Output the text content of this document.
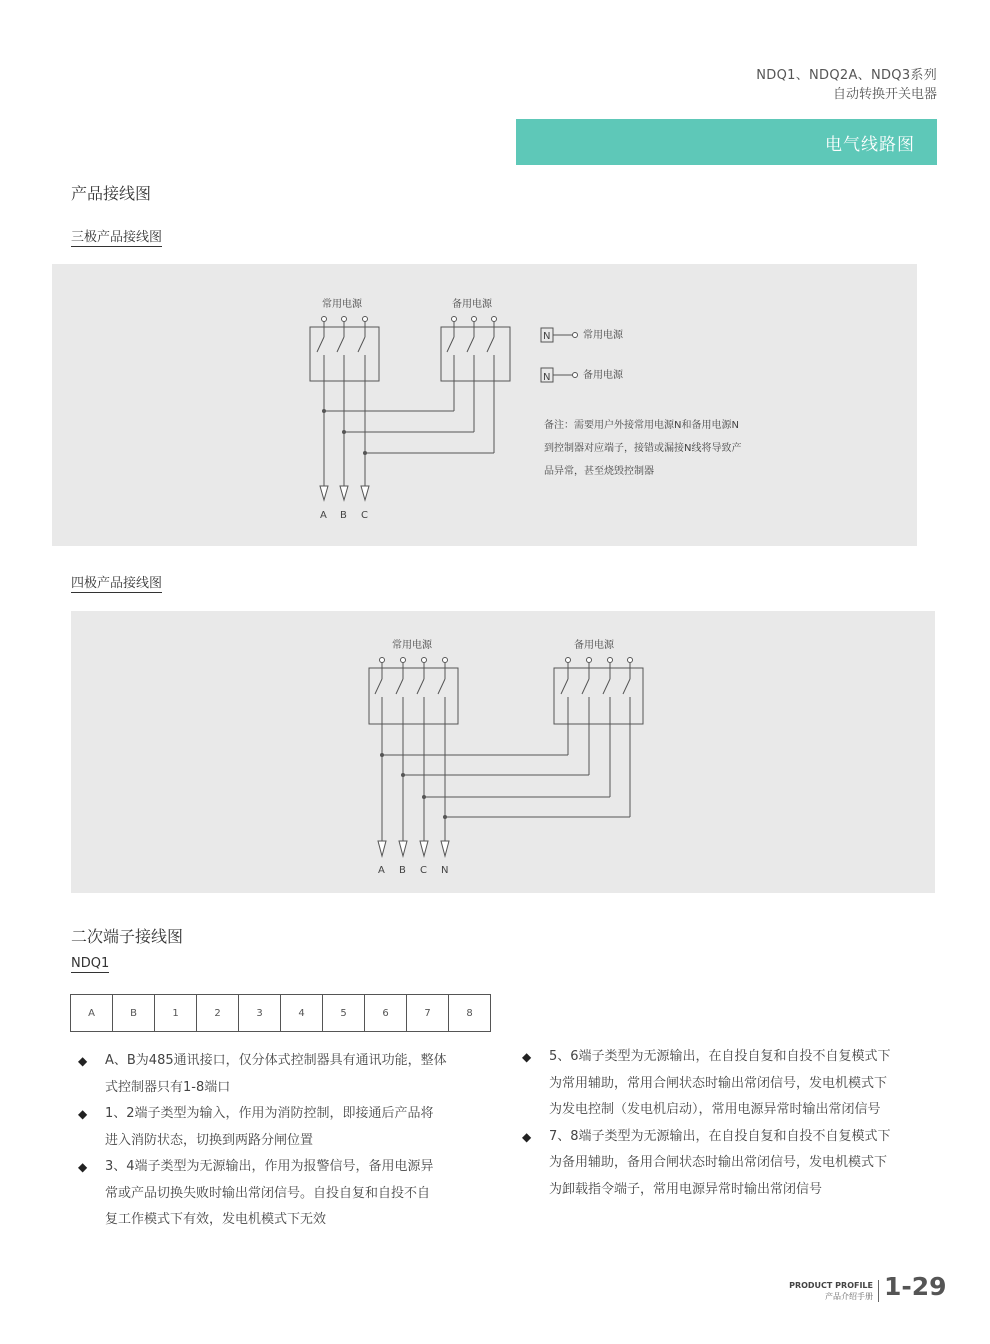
NDQ1、NDQ2A、NDQ3系列
自动转换开关电器
电气线路图
产品接线图
三极产品接线图
常用电源	备用电源
N
N
常用电源
备用电源
备注：需要用户外接常用电源N和备用电源N
到控制器对应端子，接错或漏接N线将导致产
品异常，甚至烧毁控制器
A B C
四极产品接线图
常用电源	备用电源
A B C N
二次端子接线图
NDQ1
A	B	1	2	3	4	5	6	7	8
◆ A、B为485通讯接口，仅分体式控制器具有通讯功能，整体
式控制器只有1-8端口
◆ 1、2端子类型为输入，作用为消防控制，即接通后产品将
进入消防状态，切换到两路分闸位置
◆ 3、4端子类型为无源输出，作用为报警信号，备用电源异
常或产品切换失败时输出常闭信号。自投自复和自投不自
复工作模式下有效，发电机模式下无效
◆ 5、6端子类型为无源输出，在自投自复和自投不自复模式下
为常用辅助，常用合闸状态时输出常闭信号，发电机模式下
为发电控制（发电机启动），常用电源异常时输出常闭信号
◆ 7、8端子类型为无源输出，在自投自复和自投不自复模式下
为备用辅助，备用合闸状态时输出常闭信号，发电机模式下
为卸载指令端子，常用电源异常时输出常闭信号
PRODUCT PROFILE
产品介绍手册 1-29
